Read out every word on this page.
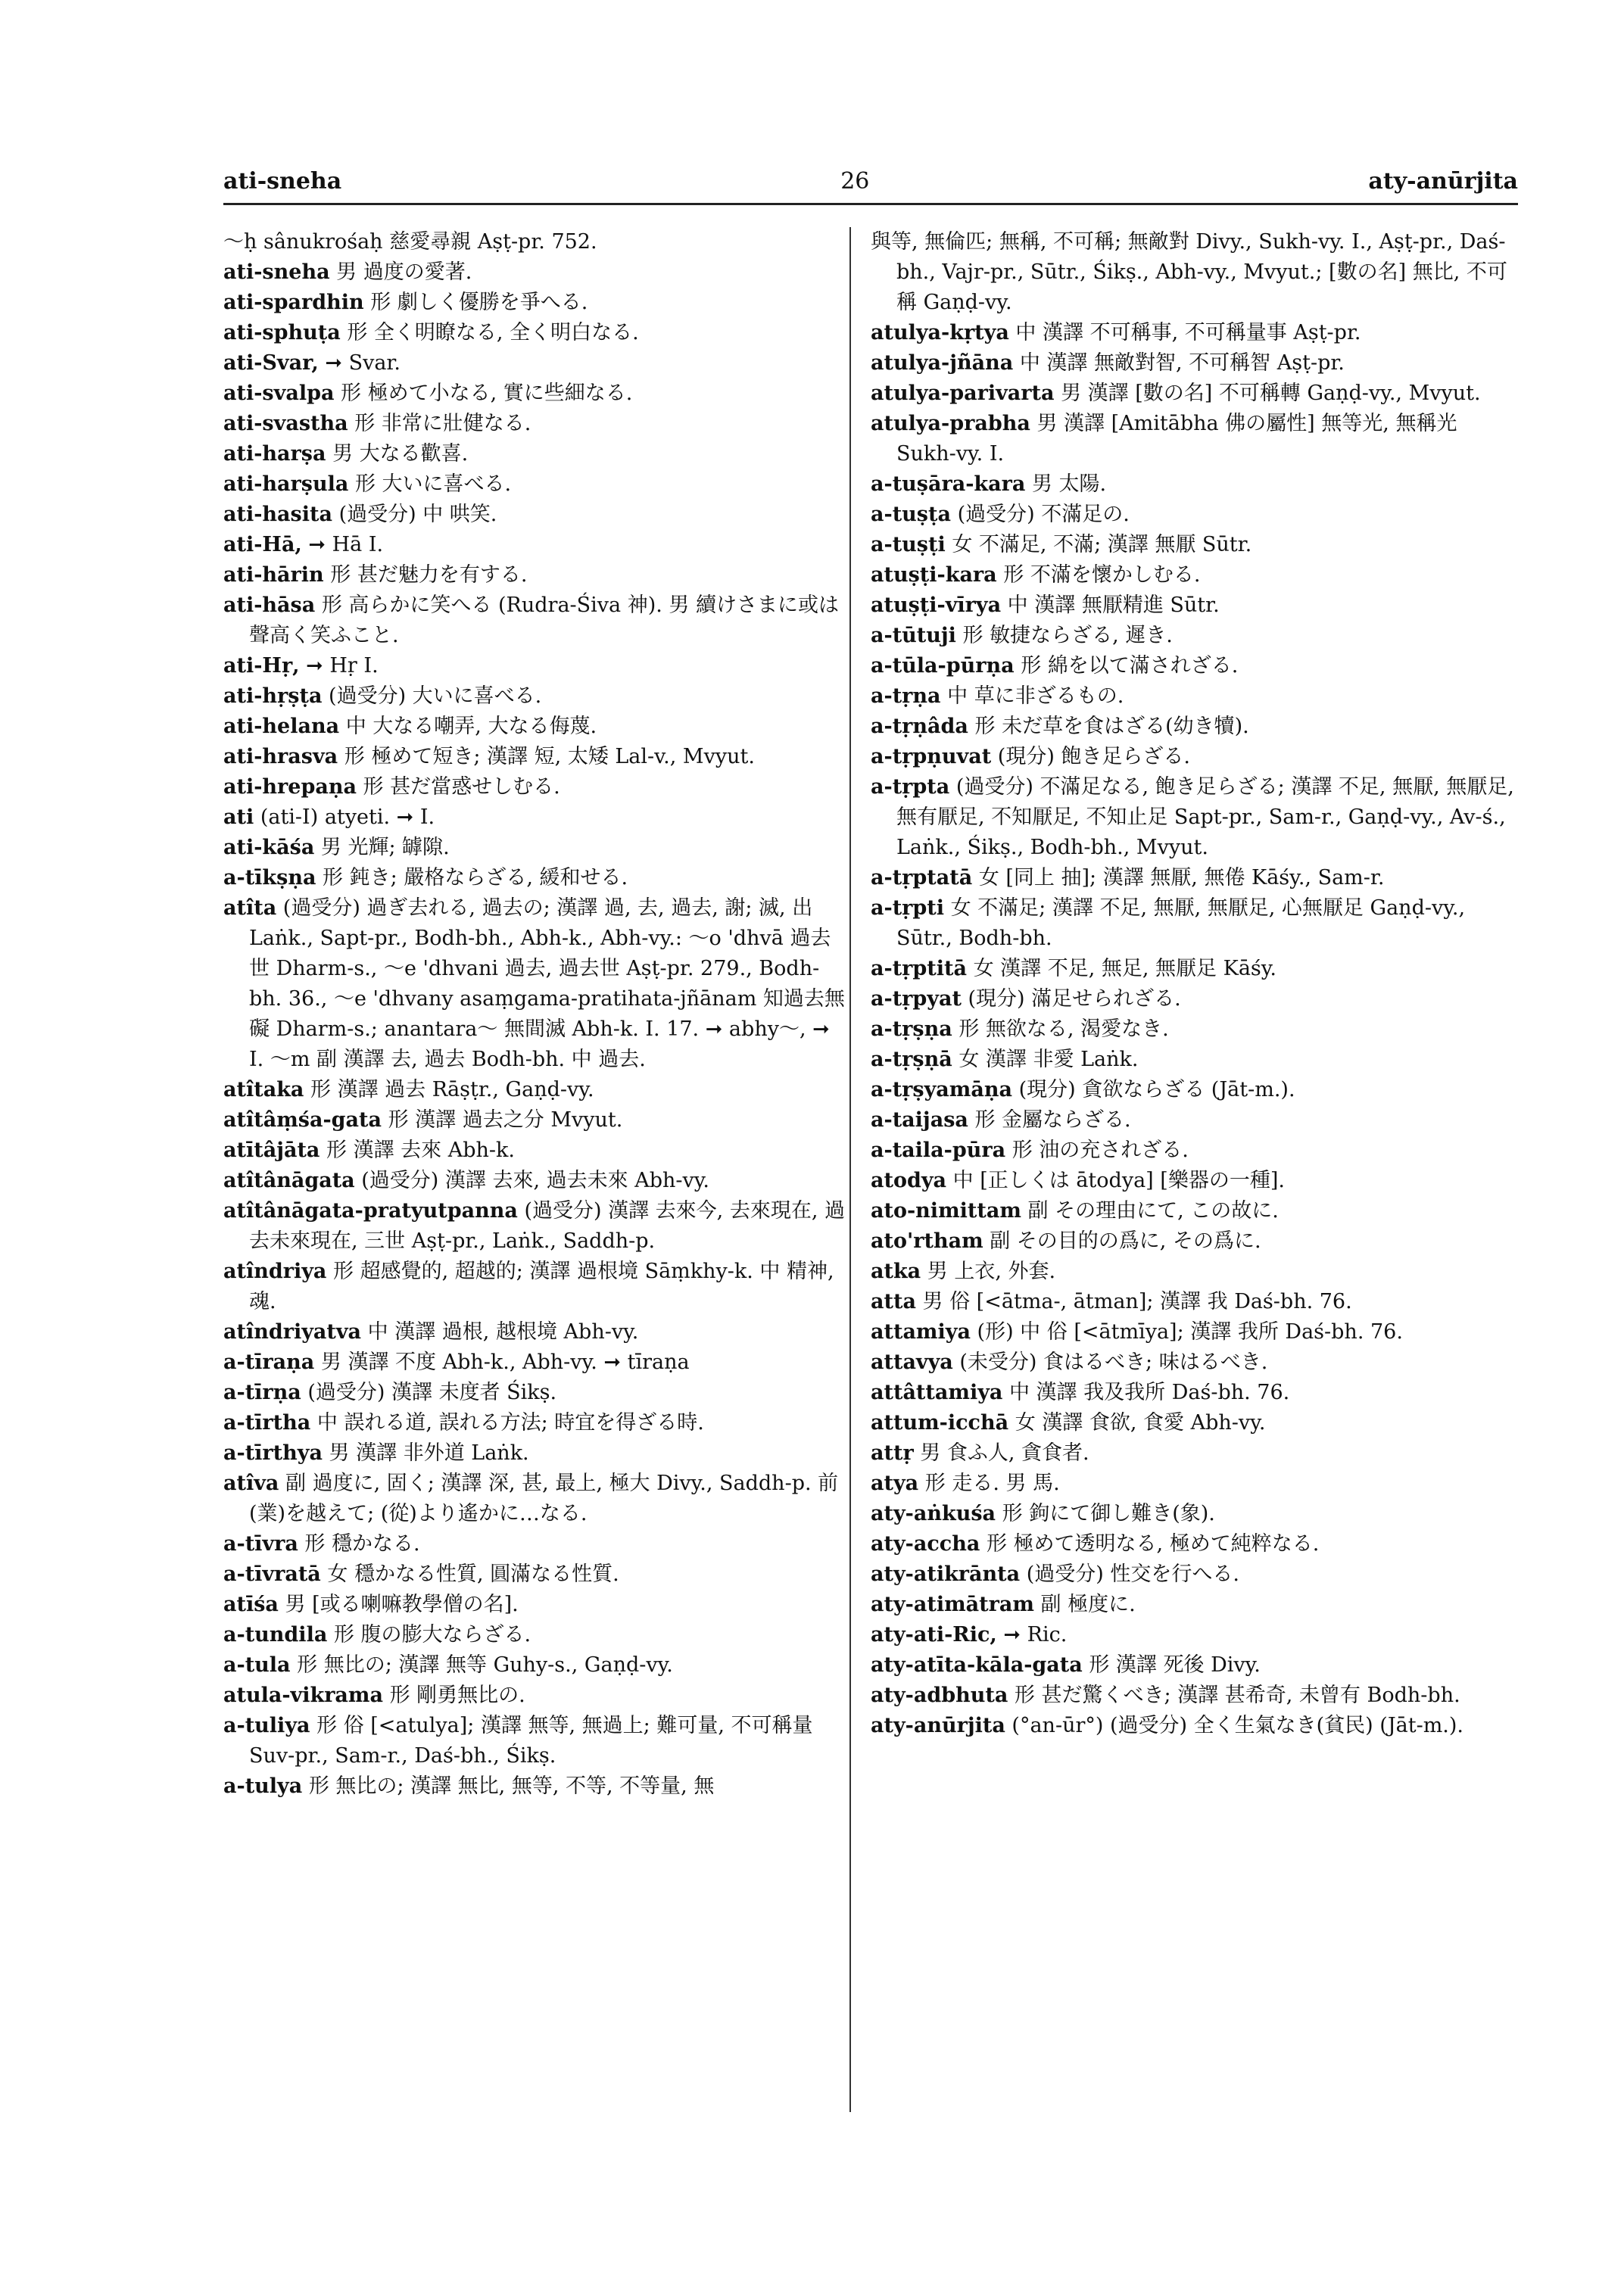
ati-sneha	26	aty-anūrjita

〜ḥ sânukrośaḥ 慈愛尋親 Aṣṭ-pr. 752.

ati-sneha 男 過度の愛著.

ati-spardhin 形 劇しく優勝を爭へる.

ati-sphuṭa 形 全く明瞭なる, 全く明白なる.

ati-Svar, ➞ Svar.

ati-svalpa 形 極めて小なる, 實に些細なる.

ati-svastha 形 非常に壯健なる.

ati-harṣa 男 大なる歡喜.

ati-harṣula 形 大いに喜べる.

ati-hasita (過受分) 中 哄笑.

ati-Hā, ➞ Hā I.

ati-hārin 形 甚だ魅力を有する.

ati-hāsa 形 高らかに笑へる (Rudra-Śiva 神). 男 續けさまに或は聲高く笑ふこと.

ati-Hṛ, ➞ Hṛ I.

ati-hṛṣṭa (過受分) 大いに喜べる.

ati-helana 中 大なる嘲弄, 大なる侮蔑.

ati-hrasva 形 極めて短き; 漢譯 短, 太矮 Lal-v., Mvyut.

ati-hrepaṇa 形 甚だ當惑せしむる.

ati (ati-I) atyeti. ➞ I.

ati-kāśa 男 光輝; 罅隙.

a-tīkṣṇa 形 鈍き; 嚴格ならざる, 緩和せる.

atîta (過受分) 過ぎ去れる, 過去の; 漢譯 過, 去, 過去, 謝; 滅, 出 Laṅk., Sapt-pr., Bodh-bh., Abh-k., Abh-vy.: 〜o 'dhvā 過去世 Dharm-s., 〜e 'dhvani 過去, 過去世 Aṣṭ-pr. 279., Bodh-bh. 36., 〜e 'dhvany asaṃgama-pratihata-jñānam 知過去無礙 Dharm-s.; anantara〜 無間滅 Abh-k. I. 17. ➞ abhy〜, ➞ I. 〜m 副 漢譯 去, 過去 Bodh-bh. 中 過去.

atîtaka 形 漢譯 過去 Rāṣṭr., Gaṇḍ-vy.

atîtâṃśa-gata 形 漢譯 過去之分 Mvyut.

atītâjāta 形 漢譯 去來 Abh-k.

atîtânāgata (過受分) 漢譯 去來, 過去未來 Abh-vy.

atîtânāgata-pratyutpanna (過受分) 漢譯 去來今, 去來現在, 過去未來現在, 三世 Aṣṭ-pr., Laṅk., Saddh-p.

atîndriya 形 超感覺的, 超越的; 漢譯 過根境 Sāṃkhy-k. 中 精神, 魂.

atîndriyatva 中 漢譯 過根, 越根境 Abh-vy.

a-tīraṇa 男 漢譯 不度 Abh-k., Abh-vy. ➞ tīraṇa

a-tīrṇa (過受分) 漢譯 未度者 Śikṣ.

a-tīrtha 中 誤れる道, 誤れる方法; 時宜を得ざる時.

a-tīrthya 男 漢譯 非外道 Laṅk.

atîva 副 過度に, 固く; 漢譯 深, 甚, 最上, 極大 Divy., Saddh-p. 前 (業)を越えて; (從)より遙かに…なる.

a-tīvra 形 穩かなる.

a-tīvratā 女 穩かなる性質, 圓滿なる性質.

atīśa 男 [或る喇嘛教學僧の名].

a-tundila 形 腹の膨大ならざる.

a-tula 形 無比の; 漢譯 無等 Guhy-s., Gaṇḍ-vy.

atula-vikrama 形 剛勇無比の.

a-tuliya 形 俗 [<atulya]; 漢譯 無等, 無過上; 難可量, 不可稱量 Suv-pr., Sam-r., Daś-bh., Śikṣ.

a-tulya 形 無比の; 漢譯 無比, 無等, 不等, 不等量, 無

與等, 無倫匹; 無稱, 不可稱; 無敵對 Divy., Sukh-vy. I., Aṣṭ-pr., Daś-bh., Vajr-pr., Sūtr., Śikṣ., Abh-vy., Mvyut.; [數の名] 無比, 不可稱 Gaṇḍ-vy.

atulya-kṛtya 中 漢譯 不可稱事, 不可稱量事 Aṣṭ-pr.

atulya-jñāna 中 漢譯 無敵對智, 不可稱智 Aṣṭ-pr.

atulya-parivarta 男 漢譯 [數の名] 不可稱轉 Gaṇḍ-vy., Mvyut.

atulya-prabha 男 漢譯 [Amitābha 佛の屬性] 無等光, 無稱光 Sukh-vy. I.

a-tuṣāra-kara 男 太陽.

a-tuṣṭa (過受分) 不滿足の.

a-tuṣṭi 女 不滿足, 不滿; 漢譯 無厭 Sūtr.

atuṣṭi-kara 形 不滿を懷かしむる.

atuṣṭi-vīrya 中 漢譯 無厭精進 Sūtr.

a-tūtuji 形 敏捷ならざる, 遲き.

a-tūla-pūrṇa 形 綿を以て滿されざる.

a-tṛṇa 中 草に非ざるもの.

a-tṛṇâda 形 未だ草を食はざる(幼き犢).

a-tṛpṇuvat (現分) 飽き足らざる.

a-tṛpta (過受分) 不滿足なる, 飽き足らざる; 漢譯 不足, 無厭, 無厭足, 無有厭足, 不知厭足, 不知止足 Sapt-pr., Sam-r., Gaṇḍ-vy., Av-ś., Laṅk., Śikṣ., Bodh-bh., Mvyut.

a-tṛptatā 女 [同上 抽]; 漢譯 無厭, 無倦 Kāśy., Sam-r.

a-tṛpti 女 不滿足; 漢譯 不足, 無厭, 無厭足, 心無厭足 Gaṇḍ-vy., Sūtr., Bodh-bh.

a-tṛptitā 女 漢譯 不足, 無足, 無厭足 Kāśy.

a-tṛpyat (現分) 滿足せられざる.

a-tṛṣṇa 形 無欲なる, 渴愛なき.

a-tṛṣṇā 女 漢譯 非愛 Laṅk.

a-tṛṣyamāṇa (現分) 貪欲ならざる (Jāt-m.).

a-taijasa 形 金屬ならざる.

a-taila-pūra 形 油の充されざる.

atodya 中 [正しくは ātodya] [樂器の一種].

ato-nimittam 副 その理由にて, この故に.

ato'rtham 副 その目的の爲に, その爲に.

atka 男 上衣, 外套.

atta 男 俗 [<ātma-, ātman]; 漢譯 我 Daś-bh. 76.

attamiya (形) 中 俗 [<ātmīya]; 漢譯 我所 Daś-bh. 76.

attavya (未受分) 食はるべき; 味はるべき.

attâttamiya 中 漢譯 我及我所 Daś-bh. 76.

attum-icchā 女 漢譯 食欲, 食愛 Abh-vy.

attṛ 男 食ふ人, 貪食者.

atya 形 走る. 男 馬.

aty-aṅkuśa 形 鉤にて御し難き(象).

aty-accha 形 極めて透明なる, 極めて純粹なる.

aty-atikrānta (過受分) 性交を行へる.

aty-atimātram 副 極度に.

aty-ati-Ric, ➞ Ric.

aty-atīta-kāla-gata 形 漢譯 死後 Divy.

aty-adbhuta 形 甚だ驚くべき; 漢譯 甚希奇, 未曾有 Bodh-bh.

aty-anūrjita (°an-ūr°) (過受分) 全く生氣なき(貧民) (Jāt-m.).
